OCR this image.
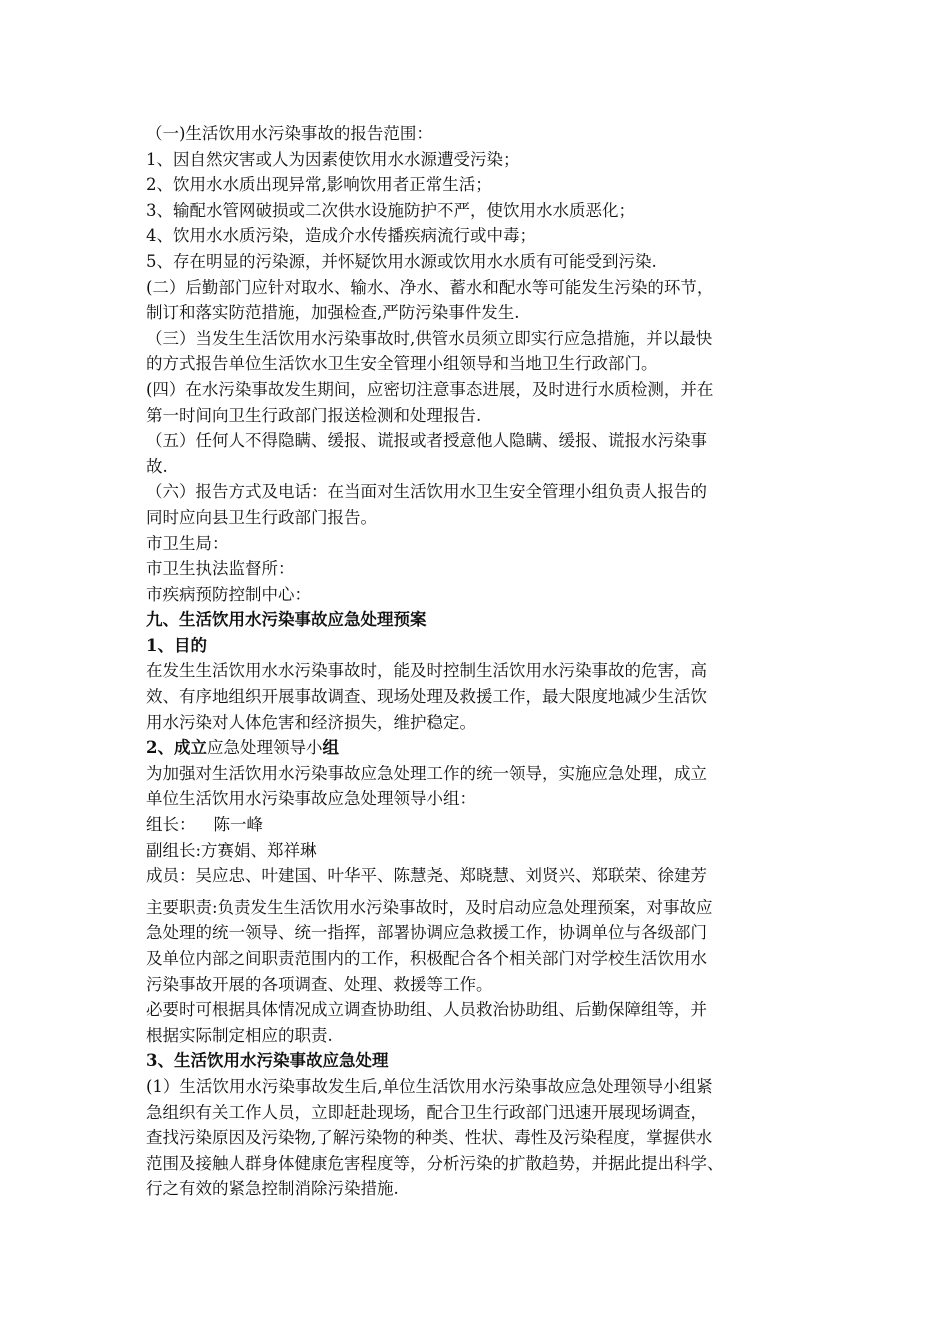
（一)生活饮用水污染事故的报告范围：
1、因自然灾害或人为因素使饮用水水源遭受污染；
2、饮用水水质出现异常,影响饮用者正常生活；
3、输配水管网破损或二次供水设施防护不严，使饮用水水质恶化；
4、饮用水水质污染，造成介水传播疾病流行或中毒；
5、存在明显的污染源，并怀疑饮用水源或饮用水水质有可能受到污染.
(二）后勤部门应针对取水、输水、净水、蓄水和配水等可能发生污染的环节，
制订和落实防范措施，加强检查,严防污染事件发生.
（三）当发生生活饮用水污染事故时,供管水员须立即实行应急措施，并以最快
的方式报告单位生活饮水卫生安全管理小组领导和当地卫生行政部门。
(四）在水污染事故发生期间，应密切注意事态进展，及时进行水质检测，并在
第一时间向卫生行政部门报送检测和处理报告.
（五）任何人不得隐瞒、缓报、谎报或者授意他人隐瞒、缓报、谎报水污染事
故.
（六）报告方式及电话：在当面对生活饮用水卫生安全管理小组负责人报告的
同时应向县卫生行政部门报告。
市卫生局：
市卫生执法监督所：
市疾病预防控制中心：
九、生活饮用水污染事故应急处理预案
1、目的
在发生生活饮用水水污染事故时，能及时控制生活饮用水污染事故的危害，高
效、有序地组织开展事故调查、现场处理及救援工作，最大限度地减少生活饮
用水污染对人体危害和经济损失，维护稳定。
2、成立应急处理领导小组
为加强对生活饮用水污染事故应急处理工作的统一领导，实施应急处理，成立
单位生活饮用水污染事故应急处理领导小组：
组长： 陈一峰
副组长:方赛娟、郑祥琳
成员：吴应忠、叶建国、叶华平、陈慧尧、郑晓慧、刘贤兴、郑联荣、徐建芳
主要职责:负责发生生活饮用水污染事故时，及时启动应急处理预案，对事故应
急处理的统一领导、统一指挥，部署协调应急救援工作，协调单位与各级部门
及单位内部之间职责范围内的工作，积极配合各个相关部门对学校生活饮用水
污染事故开展的各项调查、处理、救援等工作。
必要时可根据具体情况成立调查协助组、人员救治协助组、后勤保障组等，并
根据实际制定相应的职责.
3、生活饮用水污染事故应急处理
(1）生活饮用水污染事故发生后,单位生活饮用水污染事故应急处理领导小组紧
急组织有关工作人员，立即赶赴现场，配合卫生行政部门迅速开展现场调查，
查找污染原因及污染物,了解污染物的种类、性状、毒性及污染程度，掌握供水
范围及接触人群身体健康危害程度等，分析污染的扩散趋势，并据此提出科学、
行之有效的紧急控制消除污染措施.
